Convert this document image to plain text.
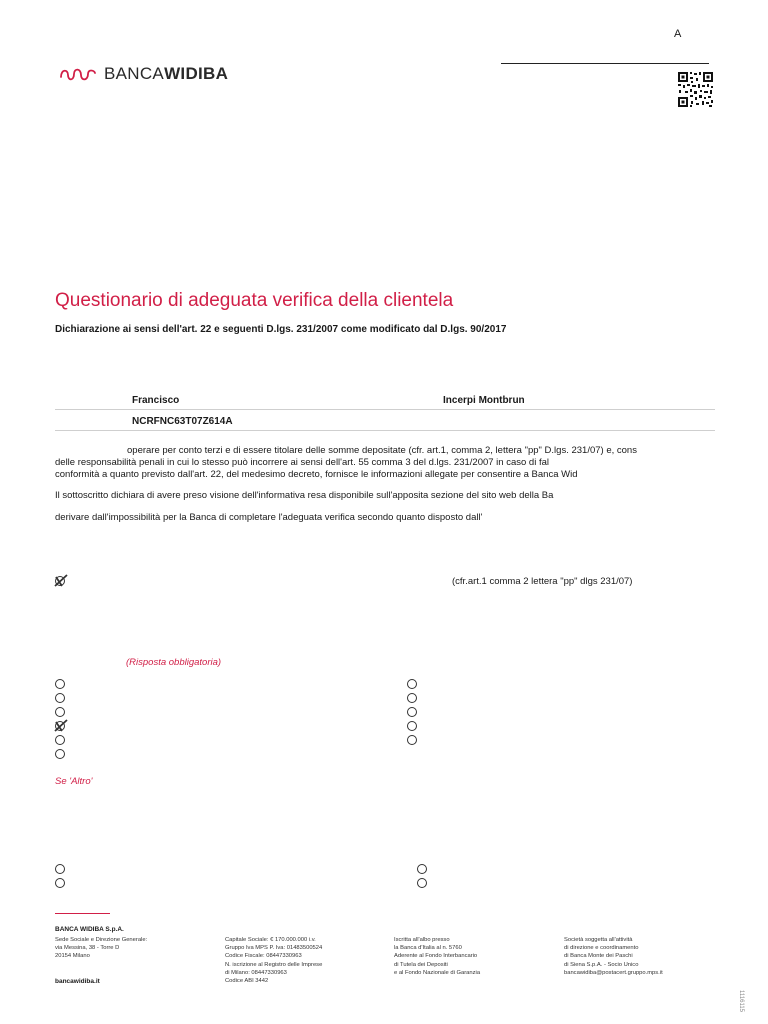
BANCAWIDIBA
A
Questionario di adeguata verifica della clientela
Dichiarazione ai sensi dell'art. 22 e seguenti D.lgs. 231/2007 come modificato dal D.lgs. 90/2017
Francisco	Incerpi Montbrun
NCRFNC63T07Z614A
operare per conto terzi e di essere titolare delle somme depositate (cfr. art.1, comma 2, lettera "pp" D.lgs. 231/07) e, cons
delle responsabilità penali in cui lo stesso può incorrere ai sensi dell'art. 55 comma 3 del d.lgs. 231/2007 in caso di fal
conformità a quanto previsto dall'art. 22, del medesimo decreto, fornisce le informazioni allegate per consentire a Banca Wid
Il sottoscritto dichiara di avere preso visione dell'informativa resa disponibile sull'apposita sezione del sito web della Ba
derivare dall'impossibilità per la Banca di completare l'adeguata verifica secondo quanto disposto dall'
(cfr.art.1 comma 2 lettera "pp" dlgs 231/07)
(Risposta obbligatoria)
Se 'Altro'
BANCA WIDIBA S.p.A.
Sede Sociale e Direzione Generale:
via Messina, 38 - Torre D
20154 Milano
Capitale Sociale: € 170.000.000 i.v.
Gruppo Iva MPS P. Iva: 01483500524
Codice Fiscale: 08447330963
N. iscrizione al Registro delle Imprese
di Milano: 08447330963
Codice ABI 3442
Iscritta all'albo presso
la Banca d'Italia al n. 5760
Aderente al Fondo Interbancario
di Tutela dei Depositi
e al Fondo Nazionale di Garanzia
Società soggetta all'attività
di direzione e coordinamento
di Banca Monte dei Paschi
di Siena S.p.A. - Socio Unico
bancawidiba@postacert.gruppo.mps.it
bancawidiba.it
1116115
